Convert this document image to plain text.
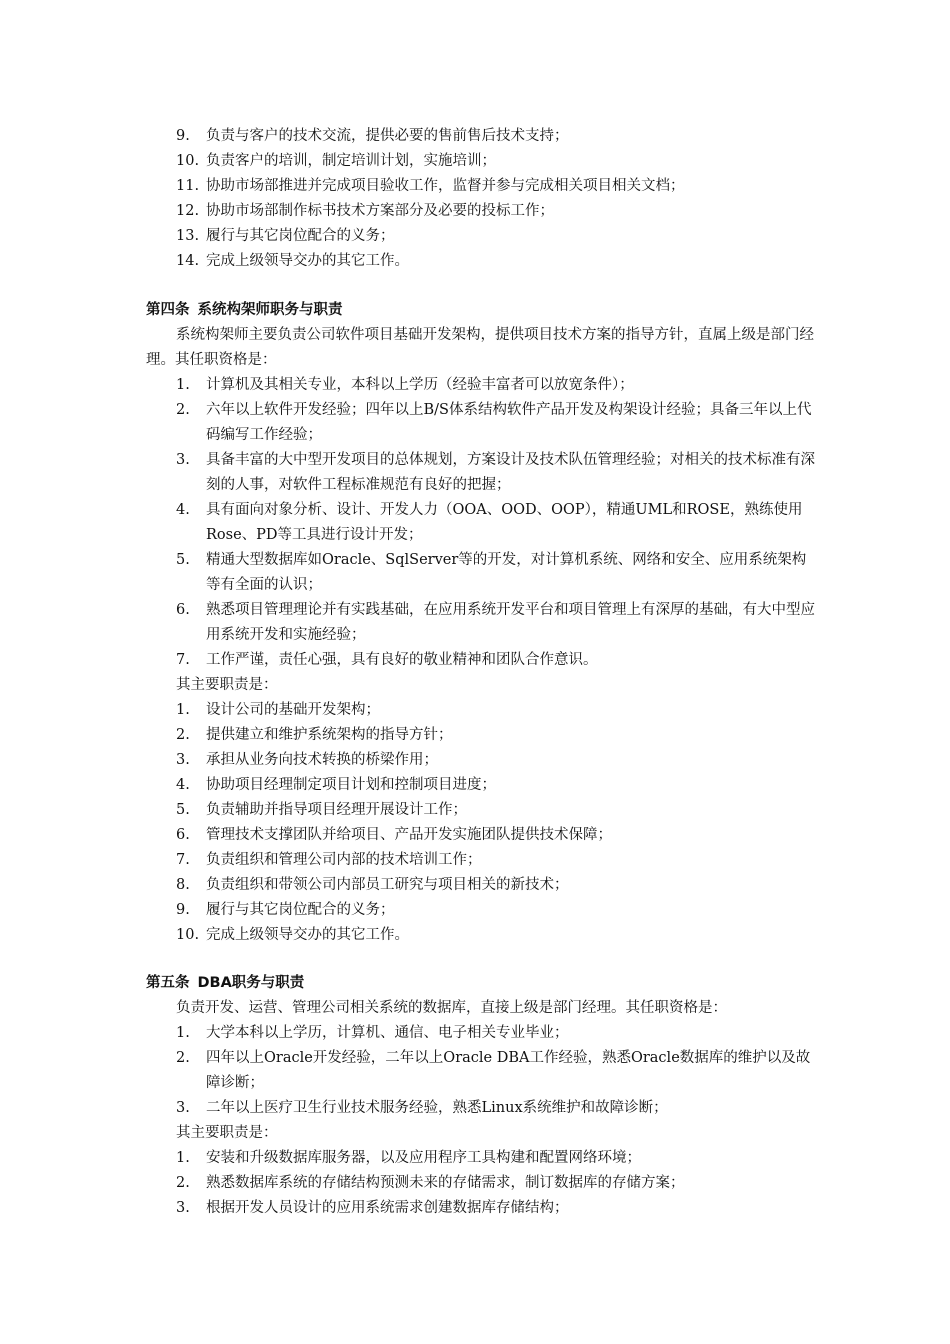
9.	负责与客户的技术交流，提供必要的售前售后技术支持；
10. 负责客户的培训，制定培训计划，实施培训；
11. 协助市场部推进并完成项目验收工作，监督并参与完成相关项目相关文档；
12. 协助市场部制作标书技术方案部分及必要的投标工作；
13. 履行与其它岗位配合的义务；
14. 完成上级领导交办的其它工作。
第四条 系统构架师职务与职责

系统构架师主要负责公司软件项目基础开发架构，提供项目技术方案的指导方针，直属上级是部门经理。其任职资格是：

1.	计算机及其相关专业，本科以上学历（经验丰富者可以放宽条件）；
2.	六年以上软件开发经验；四年以上B/S体系结构软件产品开发及构架设计经验；具备三年以上代码编写工作经验；
3.	具备丰富的大中型开发项目的总体规划，方案设计及技术队伍管理经验；对相关的技术标准有深刻的人事，对软件工程标准规范有良好的把握；
4.	具有面向对象分析、设计、开发人力（OOA、OOD、OOP），精通UML和ROSE，熟练使用Rose、PD等工具进行设计开发；
5.	精通大型数据库如Oracle、SqlServer等的开发，对计算机系统、网络和安全、应用系统架构等有全面的认识；
6.	熟悉项目管理理论并有实践基础，在应用系统开发平台和项目管理上有深厚的基础，有大中型应用系统开发和实施经验；
7.	工作严谨，责任心强，具有良好的敬业精神和团队合作意识。
其主要职责是：
1.	设计公司的基础开发架构；
2.	提供建立和维护系统架构的指导方针；
3.	承担从业务向技术转换的桥梁作用；
4.	协助项目经理制定项目计划和控制项目进度；
5.	负责辅助并指导项目经理开展设计工作；
6.	管理技术支撑团队并给项目、产品开发实施团队提供技术保障；
7.	负责组织和管理公司内部的技术培训工作；
8.	负责组织和带领公司内部员工研究与项目相关的新技术；
9.	履行与其它岗位配合的义务；
10. 完成上级领导交办的其它工作。
第五条 DBA职务与职责

负责开发、运营、管理公司相关系统的数据库，直接上级是部门经理。其任职资格是：

1.	大学本科以上学历，计算机、通信、电子相关专业毕业；
2.	四年以上Oracle开发经验，二年以上Oracle DBA工作经验，熟悉Oracle数据库的维护以及故障诊断；
3.	二年以上医疗卫生行业技术服务经验，熟悉Linux系统维护和故障诊断；
其主要职责是：
1.	安装和升级数据库服务器，以及应用程序工具构建和配置网络环境；
2.	熟悉数据库系统的存储结构预测未来的存储需求，制订数据库的存储方案；
3.	根据开发人员设计的应用系统需求创建数据库存储结构；
